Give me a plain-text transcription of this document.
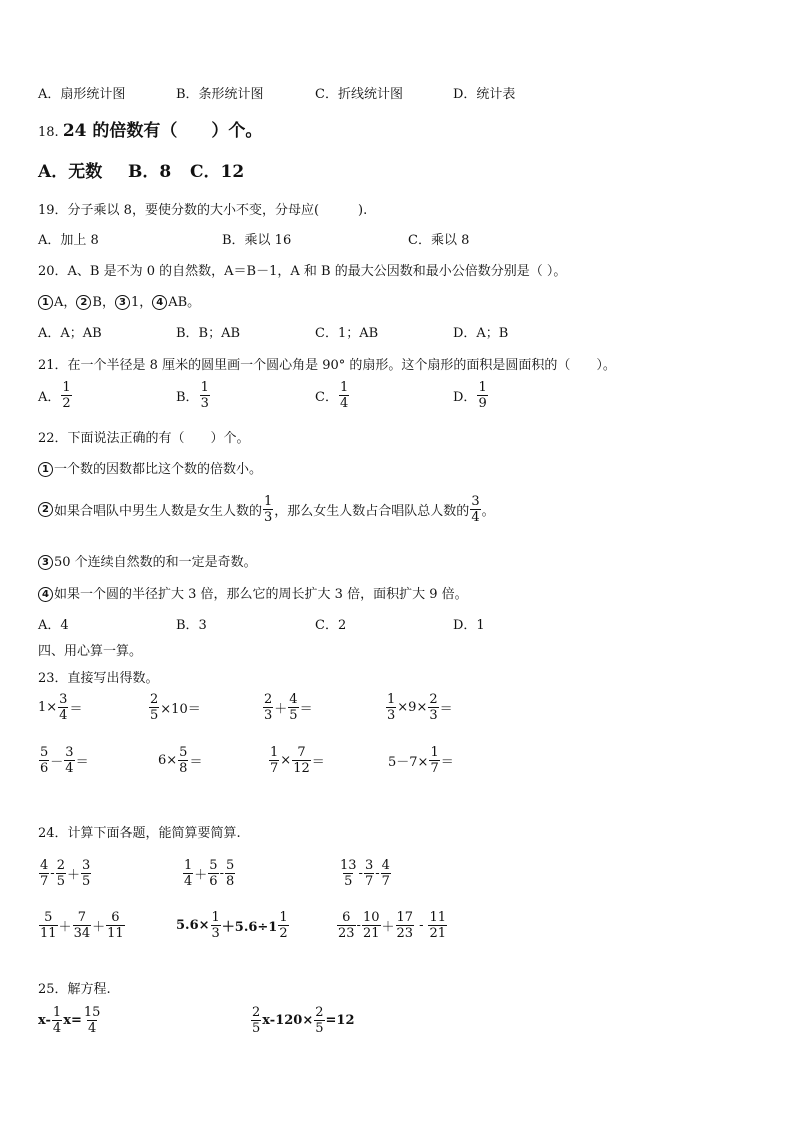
A．扇形统计图	B．条形统计图	C．折线统计图	D．统计表
18. 24 的倍数有（　　）个。
A．无数 B．8 C．12
19．分子乘以 8，要使分数的大小不变，分母应(　　　).
A．加上 8	B．乘以 16	C．乘以 8
20．A、B 是不为 0 的自然数，A＝B－1，A 和 B 的最大公因数和最小公倍数分别是（ ）。
1 A， 2 B， 3 1， 4 AB。
A．A；AB	B．B；AB	C．1；AB	D．A；B
21．在一个半径是 8 厘米的圆里画一个圆心角是 90° 的扇形。这个扇形的面积是圆面积的（　　）。
A． $\frac{1}{2}$	B． $\frac{1}{3}$	C． $\frac{1}{4}$	D． $\frac{1}{9}$
22．下面说法正确的有（　　）个。
1 一个数的因数都比这个数的倍数小。
2 如果合唱队中男生人数是女生人数的 $\frac{1}{3}$ ，那么女生人数占合唱队总人数的 $\frac{3}{4}$ 。
3 50 个连续自然数的和一定是奇数。
4 如果一个圆的半径扩大 3 倍，那么它的周长扩大 3 倍，面积扩大 9 倍。
A．4	B．3	C．2	D．1
四、用心算一算。
23．直接写出得数。
$1\times \frac{3}{4}$ ＝	$\frac{2}{5} \times 10=$	$\frac{2}{3} + \frac{4}{5}$ ＝	$\frac{1}{3} \times 9\times \frac{2}{3}$ ＝
$\frac{5}{6} - \frac{3}{4}$ ＝	$6\times \frac{5}{8}$ ＝	$\frac{1}{7} \times \frac{7}{12}$ ＝	$5-7\times \frac{1}{7}$ ＝
24．计算下面各题，能简算要简算.
$\frac{4}{7} - \frac{2}{5} + \frac{3}{5}$	$\frac{1}{4} + \frac{5}{6} - \frac{5}{8}$	$\frac{13}{5} - \frac{3}{7} - \frac{4}{7}$
$\frac{5}{11} + \frac{7}{34} + \frac{6}{11}$	$5.6\times \frac{1}{3} +5.6\div 1 \frac{1}{2}$	$\frac{6}{23} - \frac{10}{21} + \frac{17}{23} - \frac{11}{21}$
25．解方程.
$x- \frac{1}{4} x= \frac{15}{4}$	$\frac{2}{5} x-120\times \frac{2}{5} =12$
